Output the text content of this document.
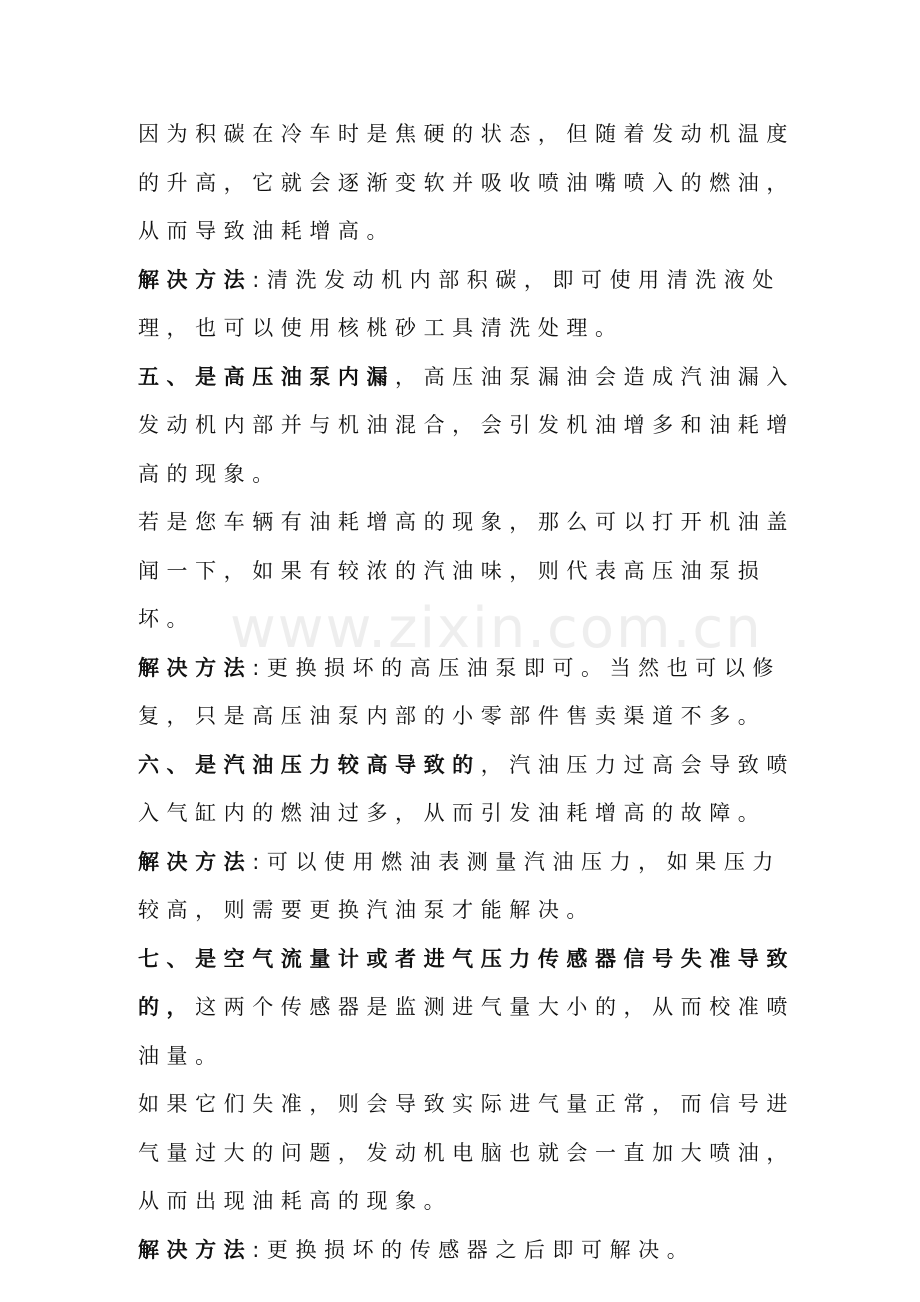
因为积碳在冷车时是焦硬的状态，但随着发动机温度的升高，它就会逐渐变软并吸收喷油嘴喷入的燃油，从而导致油耗增高。

解决方法:清洗发动机内部积碳，即可使用清洗液处理，也可以使用核桃砂工具清洗处理。

五、是高压油泵内漏，高压油泵漏油会造成汽油漏入发动机内部并与机油混合，会引发机油增多和油耗增高的现象。

若是您车辆有油耗增高的现象，那么可以打开机油盖闻一下，如果有较浓的汽油味，则代表高压油泵损坏。

解决方法:更换损坏的高压油泵即可。当然也可以修复，只是高压油泵内部的小零部件售卖渠道不多。

六、是汽油压力较高导致的，汽油压力过高会导致喷入气缸内的燃油过多，从而引发油耗增高的故障。

解决方法:可以使用燃油表测量汽油压力，如果压力较高，则需要更换汽油泵才能解决。

七、是空气流量计或者进气压力传感器信号失准导致的，这两个传感器是监测进气量大小的，从而校准喷油量。

如果它们失准，则会导致实际进气量正常，而信号进气量过大的问题，发动机电脑也就会一直加大喷油，从而出现油耗高的现象。

解决方法:更换损坏的传感器之后即可解决。

www.zixin.com.cn
